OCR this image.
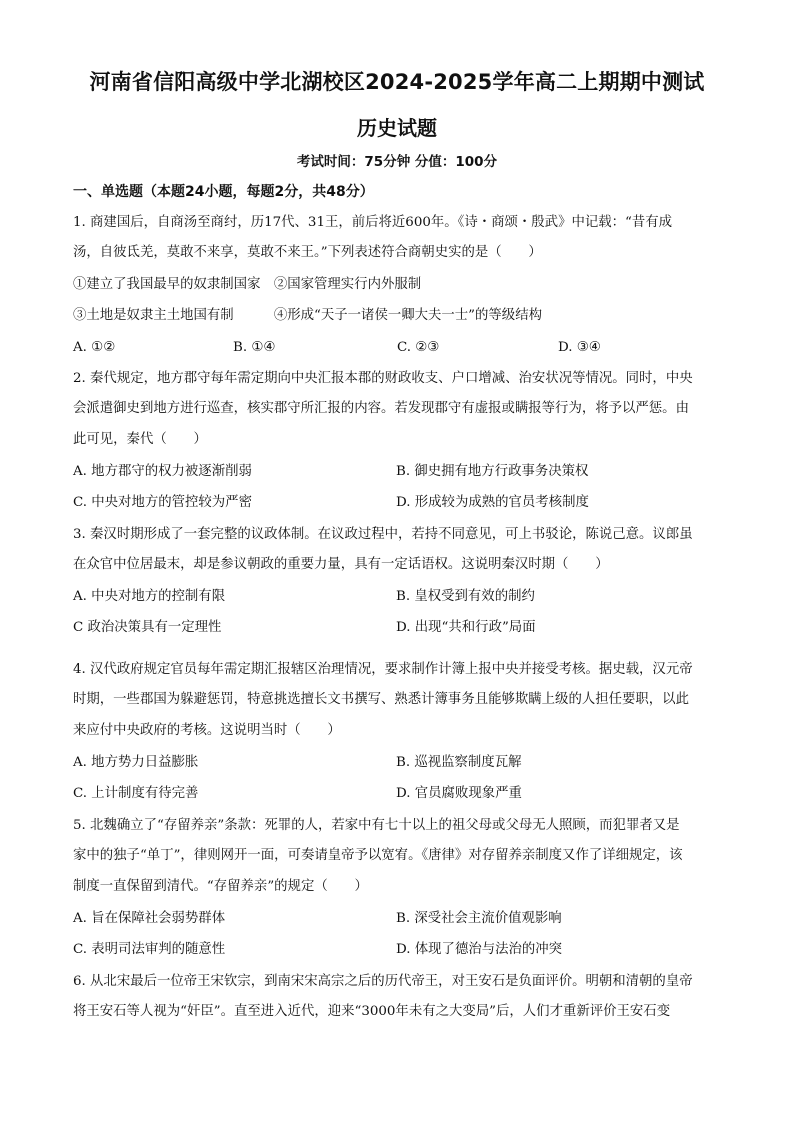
河南省信阳高级中学北湖校区2024-2025学年高二上期期中测试
历史试题
考试时间：75分钟 分值：100分
一、单选题（本题24小题，每题2分，共48分）
1. 商建国后，自商汤至商纣，历17代、31王，前后将近600年。《诗・商颂・殷武》中记载：“昔有成
汤，自彼氐羌，莫敢不来享，莫敢不来王。”下列表述符合商朝史实的是（　　）
①建立了我国最早的奴隶制国家　②国家管理实行内外服制
③土地是奴隶主土地国有制　　　④形成“天子一诸侯一卿大夫一士”的等级结构
A. ①②	B. ①④	C. ②③	D. ③④
2. 秦代规定，地方郡守每年需定期向中央汇报本郡的财政收支、户口增减、治安状况等情况。同时，中央
会派遣御史到地方进行巡查，核实郡守所汇报的内容。若发现郡守有虚报或瞒报等行为，将予以严惩。由
此可见，秦代（　　）
A. 地方郡守的权力被逐渐削弱	B. 御史拥有地方行政事务决策权
C. 中央对地方的管控较为严密	D. 形成较为成熟的官员考核制度
3. 秦汉时期形成了一套完整的议政体制。在议政过程中，若持不同意见，可上书驳论，陈说己意。议郎虽
在众官中位居最末，却是参议朝政的重要力量，具有一定话语权。这说明秦汉时期（　　）
A. 中央对地方的控制有限	B. 皇权受到有效的制约
C 政治决策具有一定理性	D. 出现“共和行政”局面
4. 汉代政府规定官员每年需定期汇报辖区治理情况，要求制作计簿上报中央并接受考核。据史载，汉元帝
时期，一些郡国为躲避惩罚，特意挑选擅长文书撰写、熟悉计簿事务且能够欺瞒上级的人担任要职，以此
来应付中央政府的考核。这说明当时（　　）
A. 地方势力日益膨胀	B. 巡视监察制度瓦解
C. 上计制度有待完善	D. 官员腐败现象严重
5. 北魏确立了“存留养亲”条款：死罪的人，若家中有七十以上的祖父母或父母无人照顾，而犯罪者又是
家中的独子“单丁”，律则网开一面，可奏请皇帝予以宽宥。《唐律》对存留养亲制度又作了详细规定，该
制度一直保留到清代。“存留养亲”的规定（　　）
A. 旨在保障社会弱势群体	B. 深受社会主流价值观影响
C. 表明司法审判的随意性	D. 体现了德治与法治的冲突
6. 从北宋最后一位帝王宋钦宗，到南宋宋高宗之后的历代帝王，对王安石是负面评价。明朝和清朝的皇帝
将王安石等人视为“奸臣”。直至进入近代，迎来“3000年未有之大变局”后，人们才重新评价王安石变
